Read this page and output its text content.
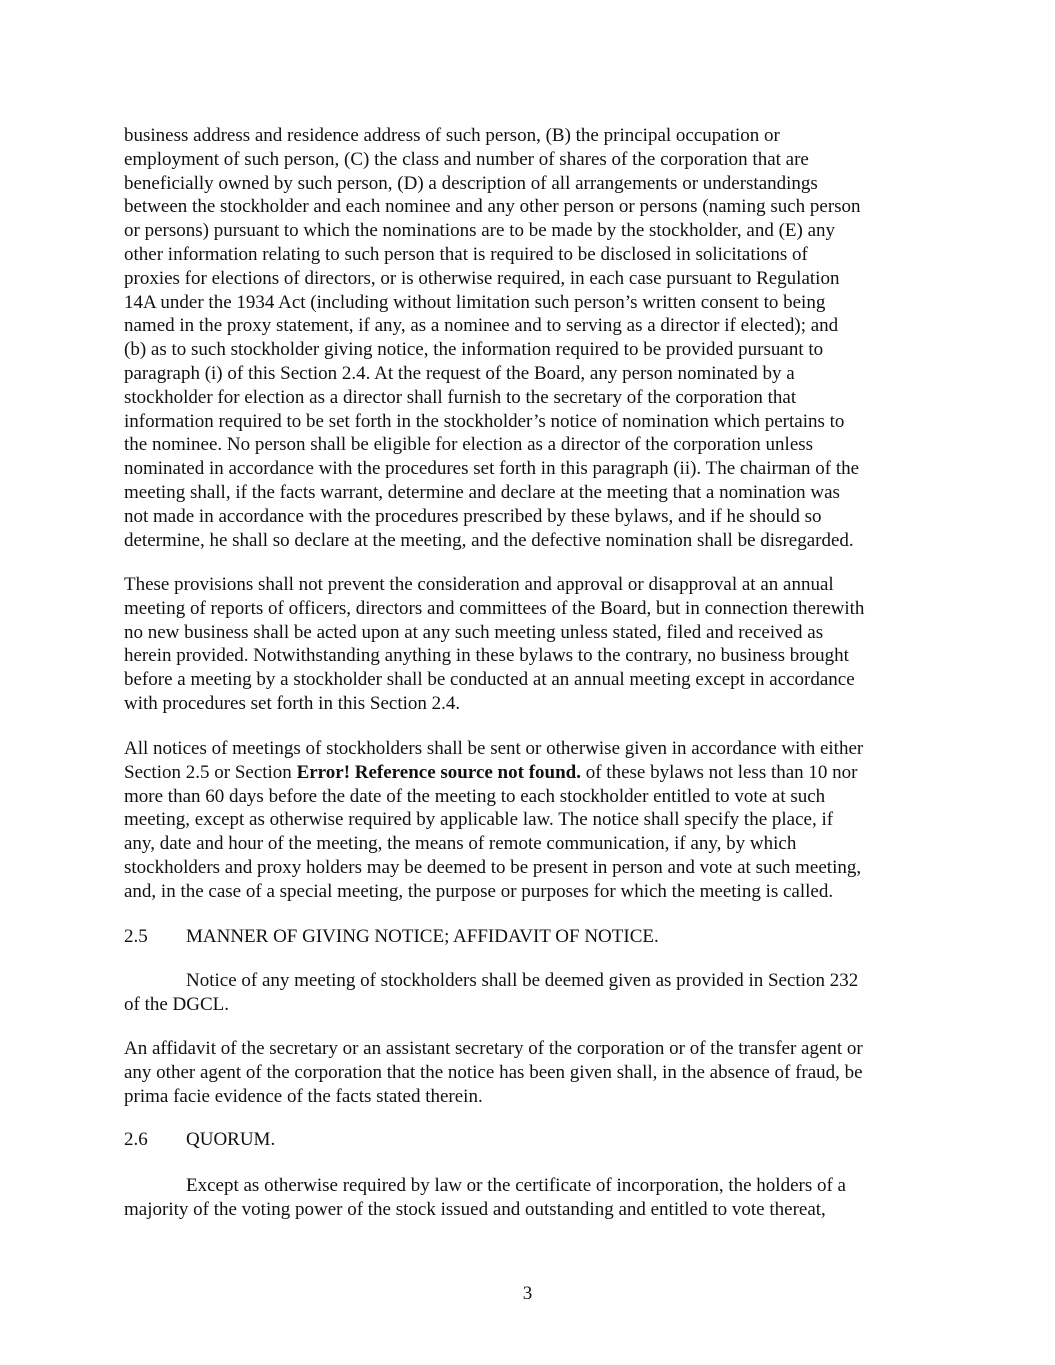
business address and residence address of such person, (B) the principal occupation or
employment of such person, (C) the class and number of shares of the corporation that are
beneficially owned by such person, (D) a description of all arrangements or understandings
between the stockholder and each nominee and any other person or persons (naming such person
or persons) pursuant to which the nominations are to be made by the stockholder, and (E) any
other information relating to such person that is required to be disclosed in solicitations of
proxies for elections of directors, or is otherwise required, in each case pursuant to Regulation
14A under the 1934 Act (including without limitation such person’s written consent to being
named in the proxy statement, if any, as a nominee and to serving as a director if elected); and
(b) as to such stockholder giving notice, the information required to be provided pursuant to
paragraph (i) of this Section 2.4. At the request of the Board, any person nominated by a
stockholder for election as a director shall furnish to the secretary of the corporation that
information required to be set forth in the stockholder’s notice of nomination which pertains to
the nominee. No person shall be eligible for election as a director of the corporation unless
nominated in accordance with the procedures set forth in this paragraph (ii). The chairman of the
meeting shall, if the facts warrant, determine and declare at the meeting that a nomination was
not made in accordance with the procedures prescribed by these bylaws, and if he should so
determine, he shall so declare at the meeting, and the defective nomination shall be disregarded.

These provisions shall not prevent the consideration and approval or disapproval at an annual
meeting of reports of officers, directors and committees of the Board, but in connection therewith
no new business shall be acted upon at any such meeting unless stated, filed and received as
herein provided. Notwithstanding anything in these bylaws to the contrary, no business brought
before a meeting by a stockholder shall be conducted at an annual meeting except in accordance
with procedures set forth in this Section 2.4.

All notices of meetings of stockholders shall be sent or otherwise given in accordance with either
Section 2.5 or Section Error! Reference source not found. of these bylaws not less than 10 nor
more than 60 days before the date of the meeting to each stockholder entitled to vote at such
meeting, except as otherwise required by applicable law. The notice shall specify the place, if
any, date and hour of the meeting, the means of remote communication, if any, by which
stockholders and proxy holders may be deemed to be present in person and vote at such meeting,
and, in the case of a special meeting, the purpose or purposes for which the meeting is called.

2.5 MANNER OF GIVING NOTICE; AFFIDAVIT OF NOTICE.

Notice of any meeting of stockholders shall be deemed given as provided in Section 232
of the DGCL.

An affidavit of the secretary or an assistant secretary of the corporation or of the transfer agent or
any other agent of the corporation that the notice has been given shall, in the absence of fraud, be
prima facie evidence of the facts stated therein.

2.6 QUORUM.

Except as otherwise required by law or the certificate of incorporation, the holders of a
majority of the voting power of the stock issued and outstanding and entitled to vote thereat,

3
